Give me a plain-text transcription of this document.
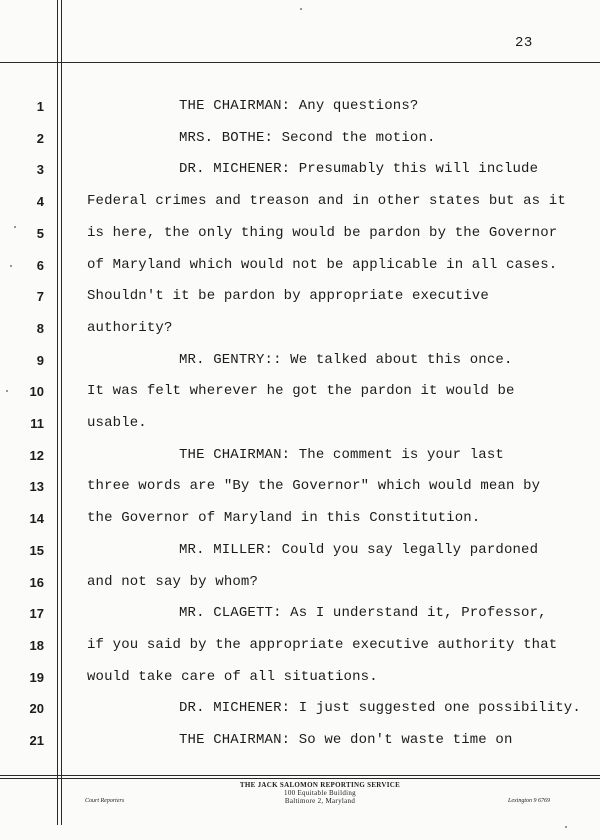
23
1	THE CHAIRMAN: Any questions?
2	MRS. BOTHE: Second the motion.
3	DR. MICHENER: Presumably this will include
4	Federal crimes and treason and in other states but as it
5	is here, the only thing would be pardon by the Governor
6	of Maryland which would not be applicable in all cases.
7	Shouldn't it be pardon by appropriate executive
8	authority?
9	MR. GENTRY:: We talked about this once.
10	It was felt wherever he got the pardon it would be
11	usable.
12	THE CHAIRMAN: The comment is your last
13	three words are "By the Governor" which would mean by
14	the Governor of Maryland in this Constitution.
15	MR. MILLER: Could you say legally pardoned
16	and not say by whom?
17	MR. CLAGETT: As I understand it, Professor,
18	if you said by the appropriate executive authority that
19	would take care of all situations.
20	DR. MICHENER: I just suggested one possibility.
21	THE CHAIRMAN: So we don't waste time on
THE JACK SALOMON REPORTING SERVICE
100 Equitable Building
Baltimore 2, Maryland
Court Reporters	Lexington 9 6769
